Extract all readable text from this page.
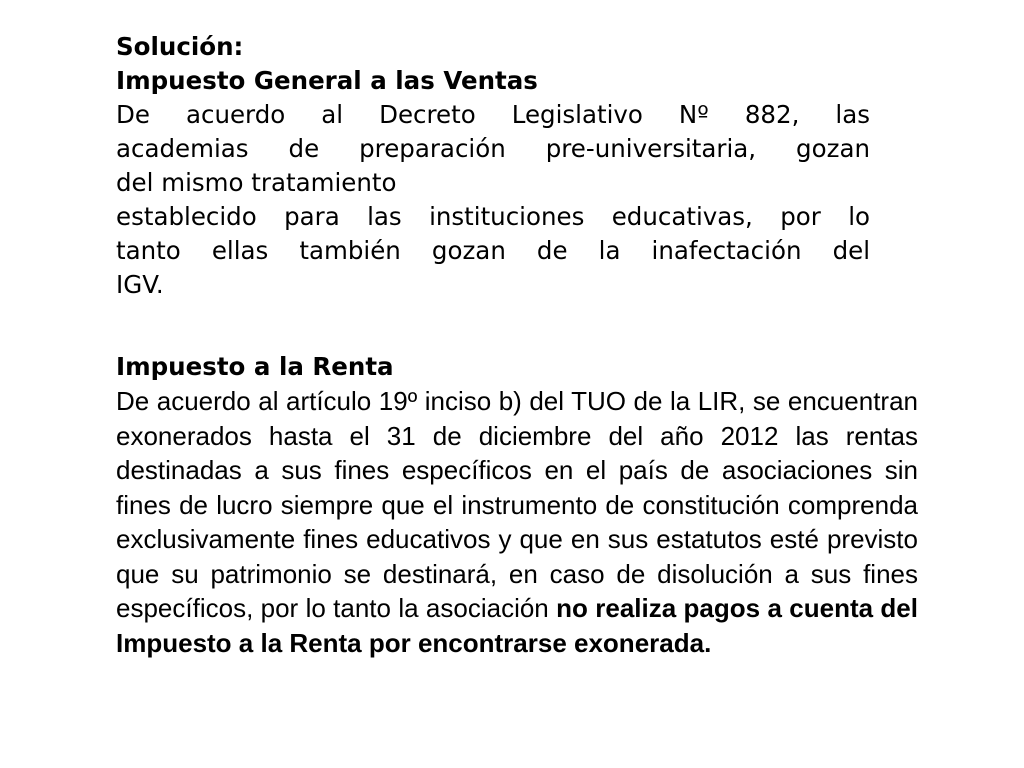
Solución:
Impuesto General a las Ventas
De acuerdo al Decreto Legislativo Nº 882, las
academias de preparación pre-universitaria, gozan
del mismo tratamiento
establecido para las instituciones educativas, por lo
tanto ellas también gozan de la inafectación del
IGV.
Impuesto a la Renta
De acuerdo al artículo 19º inciso b) del TUO de la LIR, se encuentran exonerados hasta el 31 de diciembre del año 2012 las rentas destinadas a sus fines específicos en el país de asociaciones sin fines de lucro siempre que el instrumento de constitución comprenda exclusivamente fines educativos y que en sus estatutos esté previsto que su patrimonio se destinará, en caso de disolución a sus fines específicos, por lo tanto la asociación no realiza pagos a cuenta del Impuesto a la Renta por encontrarse exonerada.
